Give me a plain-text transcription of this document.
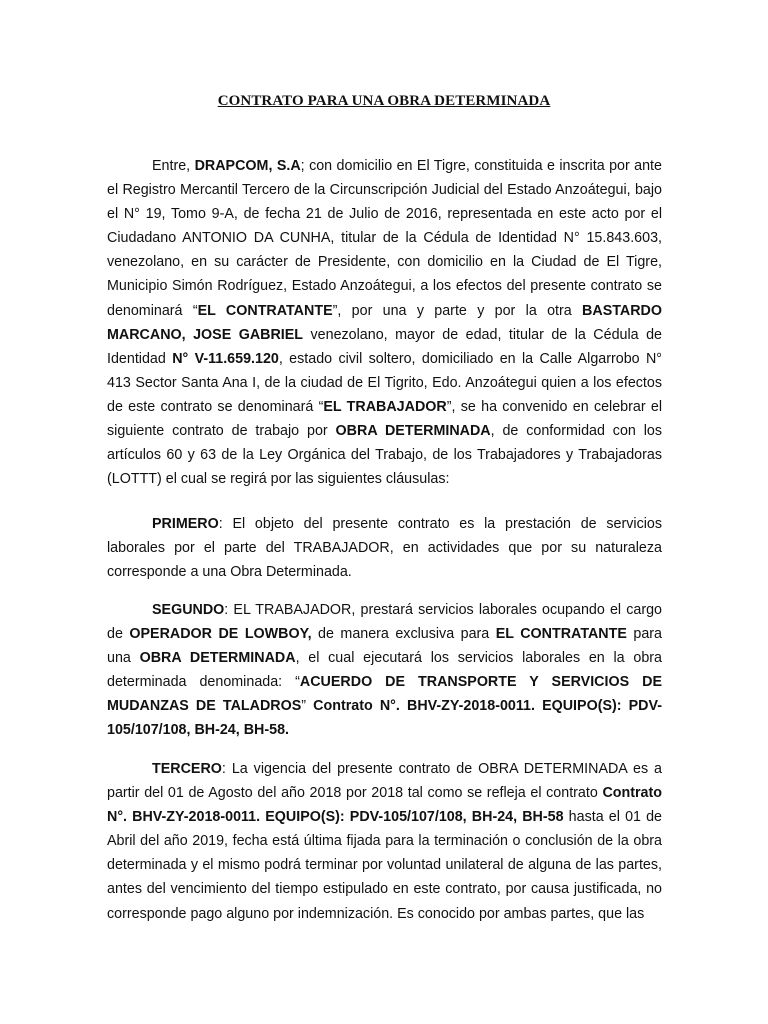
CONTRATO PARA UNA OBRA DETERMINADA

Entre, DRAPCOM, S.A; con domicilio en El Tigre, constituida e inscrita por ante el Registro Mercantil Tercero de la Circunscripción Judicial del Estado Anzoátegui, bajo el N° 19, Tomo 9-A, de fecha 21 de Julio de 2016, representada en este acto por el Ciudadano ANTONIO DA CUNHA, titular de la Cédula de Identidad N° 15.843.603, venezolano, en su carácter de Presidente, con domicilio en la Ciudad de El Tigre, Municipio Simón Rodríguez, Estado Anzoátegui, a los efectos del presente contrato se denominará “EL CONTRATANTE”, por una y parte y por la otra BASTARDO MARCANO, JOSE GABRIEL venezolano, mayor de edad, titular de la Cédula de Identidad N° V-11.659.120, estado civil soltero, domiciliado en la Calle Algarrobo N° 413 Sector Santa Ana I, de la ciudad de El Tigrito, Edo. Anzoátegui quien a los efectos de este contrato se denominará “EL TRABAJADOR”, se ha convenido en celebrar el siguiente contrato de trabajo por OBRA DETERMINADA, de conformidad con los artículos 60 y 63 de la Ley Orgánica del Trabajo, de los Trabajadores y Trabajadoras (LOTTT) el cual se regirá por las siguientes cláusulas:

PRIMERO: El objeto del presente contrato es la prestación de servicios laborales por el parte del TRABAJADOR, en actividades que por su naturaleza corresponde a una Obra Determinada.

SEGUNDO: EL TRABAJADOR, prestará servicios laborales ocupando el cargo de OPERADOR DE LOWBOY, de manera exclusiva para EL CONTRATANTE para una OBRA DETERMINADA, el cual ejecutará los servicios laborales en la obra determinada denominada: “ACUERDO DE TRANSPORTE Y SERVICIOS DE MUDANZAS DE TALADROS” Contrato N°. BHV-ZY-2018-0011. EQUIPO(S): PDV-105/107/108, BH-24, BH-58.

TERCERO: La vigencia del presente contrato de OBRA DETERMINADA es a partir del 01 de Agosto del año 2018 por 2018 tal como se refleja el contrato Contrato N°. BHV-ZY-2018-0011. EQUIPO(S): PDV-105/107/108, BH-24, BH-58 hasta el 01 de Abril del año 2019, fecha está última fijada para la terminación o conclusión de la obra determinada y el mismo podrá terminar por voluntad unilateral de alguna de las partes, antes del vencimiento del tiempo estipulado en este contrato, por causa justificada, no corresponde pago alguno por indemnización. Es conocido por ambas partes, que las
